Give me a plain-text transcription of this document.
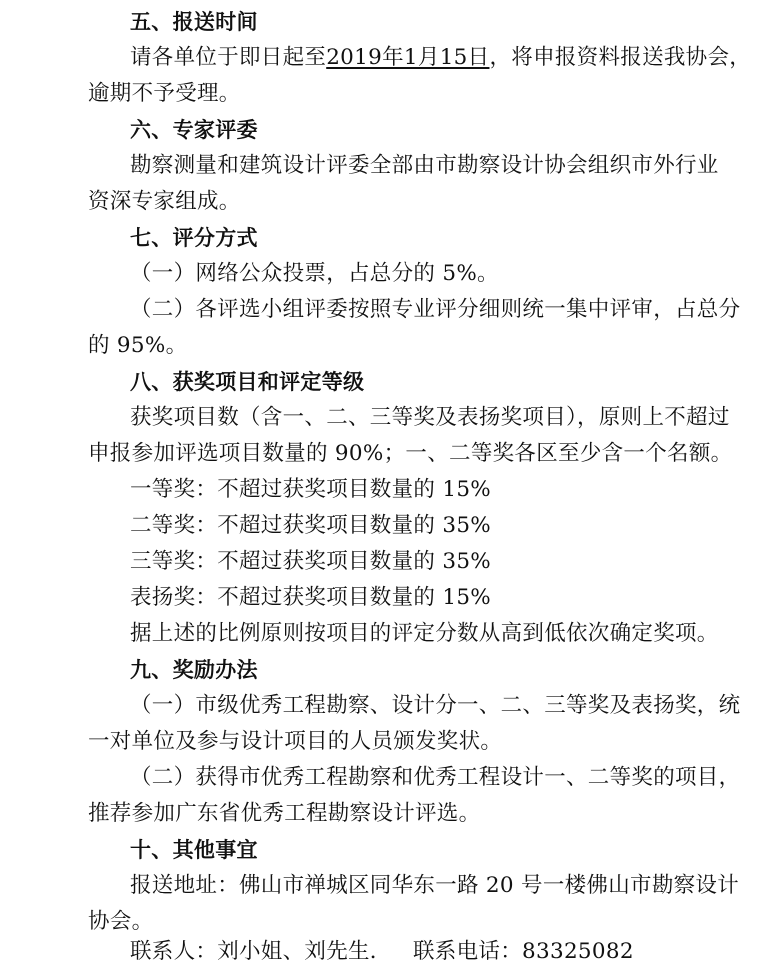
五、报送时间
请各单位于即日起至2019年1月15日，将申报资料报送我协会，
逾期不予受理。
六、专家评委
勘察测量和建筑设计评委全部由市勘察设计协会组织市外行业
资深专家组成。
七、评分方式
（一）网络公众投票，占总分的 5%。
（二）各评选小组评委按照专业评分细则统一集中评审，占总分
的 95%。
八、获奖项目和评定等级
获奖项目数（含一、二、三等奖及表扬奖项目），原则上不超过
申报参加评选项目数量的 90%；一、二等奖各区至少含一个名额。
一等奖：不超过获奖项目数量的 15%
二等奖：不超过获奖项目数量的 35%
三等奖：不超过获奖项目数量的 35%
表扬奖：不超过获奖项目数量的 15%
据上述的比例原则按项目的评定分数从高到低依次确定奖项。
九、奖励办法
（一）市级优秀工程勘察、设计分一、二、三等奖及表扬奖，统
一对单位及参与设计项目的人员颁发奖状。
（二）获得市优秀工程勘察和优秀工程设计一、二等奖的项目，
推荐参加广东省优秀工程勘察设计评选。
十、其他事宜
报送地址：佛山市禅城区同华东一路 20 号一楼佛山市勘察设计
协会。
联系人：刘小姐、刘先生．   联系电话：83325082
